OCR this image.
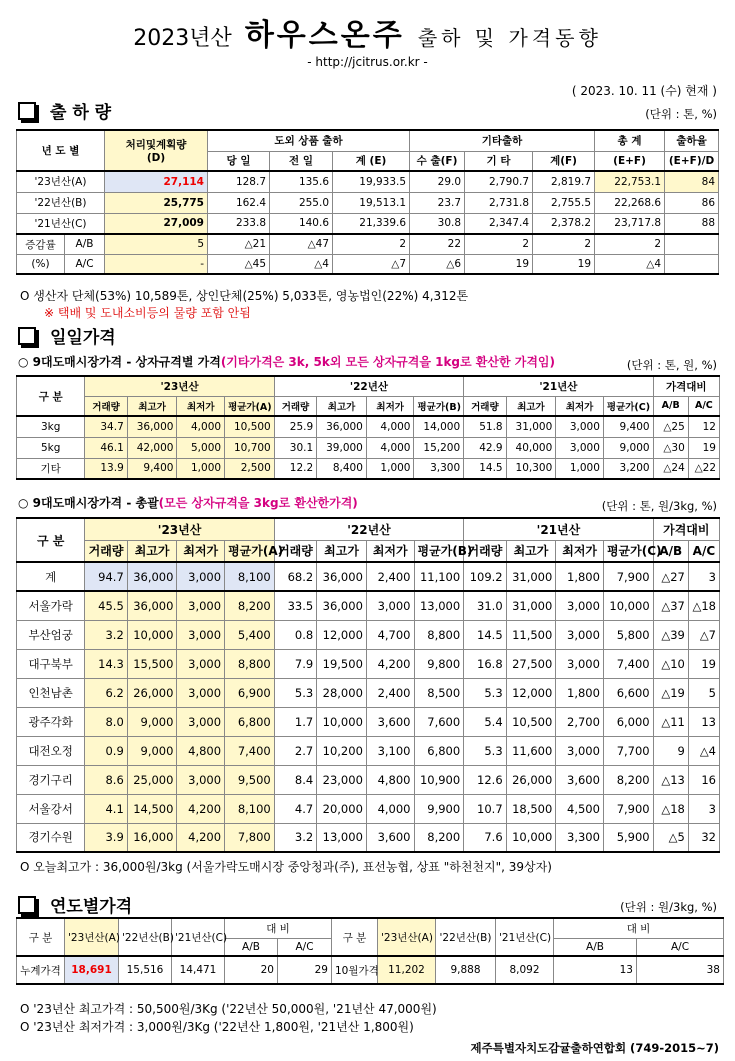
2023년산 하우스온주 출하 및 가격동향
- http://jcitrus.or.kr -
( 2023. 10. 11 (수) 현재 )
출 하 량	(단위 : 톤, %)
년 도 별		처리및계획량
(D)	도외 상품 출하			기타출하			총 계	출하율
			당 일	전 일	계 (E)	수 출(F)	기 타	계(F)	(E+F)	(E+F)/D
'23년산(A)		27,114	128.7	135.6	19,933.5	29.0	2,790.7	2,819.7	22,753.1	84
'22년산(B)		25,775	162.4	255.0	19,513.1	23.7	2,731.8	2,755.5	22,268.6	86
'21년산(C)		27,009	233.8	140.6	21,339.6	30.8	2,347.4	2,378.2	23,717.8	88
증감률	A/B	5	△21	△47	2	22	2	2	2	
(%)	A/C	-	△45	△4	△7	△6	19	19	△4	
O 생산자 단체(53%) 10,589톤, 상인단체(25%) 5,033톤, 영농법인(22%) 4,312톤
※ 택배 및 도내소비등의 물량 포함 안됨
일일가격
○ 9대도매시장가격 - 상자규격별 가격(기타가격은 3k, 5k외 모든 상자규격을 1kg로 환산한 가격임)	(단위 : 톤, 원, %)
구 분	'23년산				'22년산				'21년산				가격대비	
	거래량	최고가	최저가	평균가(A)	거래량	최고가	최저가	평균가(B)	거래량	최고가	최저가	평균가(C)	A/B	A/C
3kg	34.7	36,000	4,000	10,500	25.9	36,000	4,000	14,000	51.8	31,000	3,000	9,400	△25	12
5kg	46.1	42,000	5,000	10,700	30.1	39,000	4,000	15,200	42.9	40,000	3,000	9,000	△30	19
기타	13.9	9,400	1,000	2,500	12.2	8,400	1,000	3,300	14.5	10,300	1,000	3,200	△24	△22
○ 9대도매시장가격 - 총괄(모든 상자규격을 3kg로 환산한가격)	(단위 : 톤, 원/3kg, %)
구 분	'23년산				'22년산				'21년산				가격대비	
	거래량	최고가	최저가	평균가(A)	거래량	최고가	최저가	평균가(B)	거래량	최고가	최저가	평균가(C)	A/B	A/C
계	94.7	36,000	3,000	8,100	68.2	36,000	2,400	11,100	109.2	31,000	1,800	7,900	△27	3
서울가락	45.5	36,000	3,000	8,200	33.5	36,000	3,000	13,000	31.0	31,000	3,000	10,000	△37	△18
부산엄궁	3.2	10,000	3,000	5,400	0.8	12,000	4,700	8,800	14.5	11,500	3,000	5,800	△39	△7
대구북부	14.3	15,500	3,000	8,800	7.9	19,500	4,200	9,800	16.8	27,500	3,000	7,400	△10	19
인천남촌	6.2	26,000	3,000	6,900	5.3	28,000	2,400	8,500	5.3	12,000	1,800	6,600	△19	5
광주각화	8.0	9,000	3,000	6,800	1.7	10,000	3,600	7,600	5.4	10,500	2,700	6,000	△11	13
대전오정	0.9	9,000	4,800	7,400	2.7	10,200	3,100	6,800	5.3	11,600	3,000	7,700	9	△4
경기구리	8.6	25,000	3,000	9,500	8.4	23,000	4,800	10,900	12.6	26,000	3,600	8,200	△13	16
서울강서	4.1	14,500	4,200	8,100	4.7	20,000	4,000	9,900	10.7	18,500	4,500	7,900	△18	3
경기수원	3.9	16,000	4,200	7,800	3.2	13,000	3,600	8,200	7.6	10,000	3,300	5,900	△5	32
O 오늘최고가 : 36,000원/3kg (서울가락도매시장 중앙청과(주), 표선농협, 상표 "하천천지", 39상자)
연도별가격	(단위 : 원/3kg, %)
구 분	'23년산(A)	'22년산(B)	'21년산(C)	대 비		구 분	'23년산(A)	'22년산(B)	'21년산(C)	대 비	
				A/B	A/C					A/B	A/C
누계가격	18,691	15,516	14,471	20	29	10월가격	11,202	9,888	8,092	13	38
O '23년산 최고가격 : 50,500원/3Kg ('22년산 50,000원, '21년산 47,000원)
O '23년산 최저가격 : 3,000원/3Kg ('22년산 1,800원, '21년산 1,800원)
제주특별자치도감귤출하연합회 (749-2015~7)
